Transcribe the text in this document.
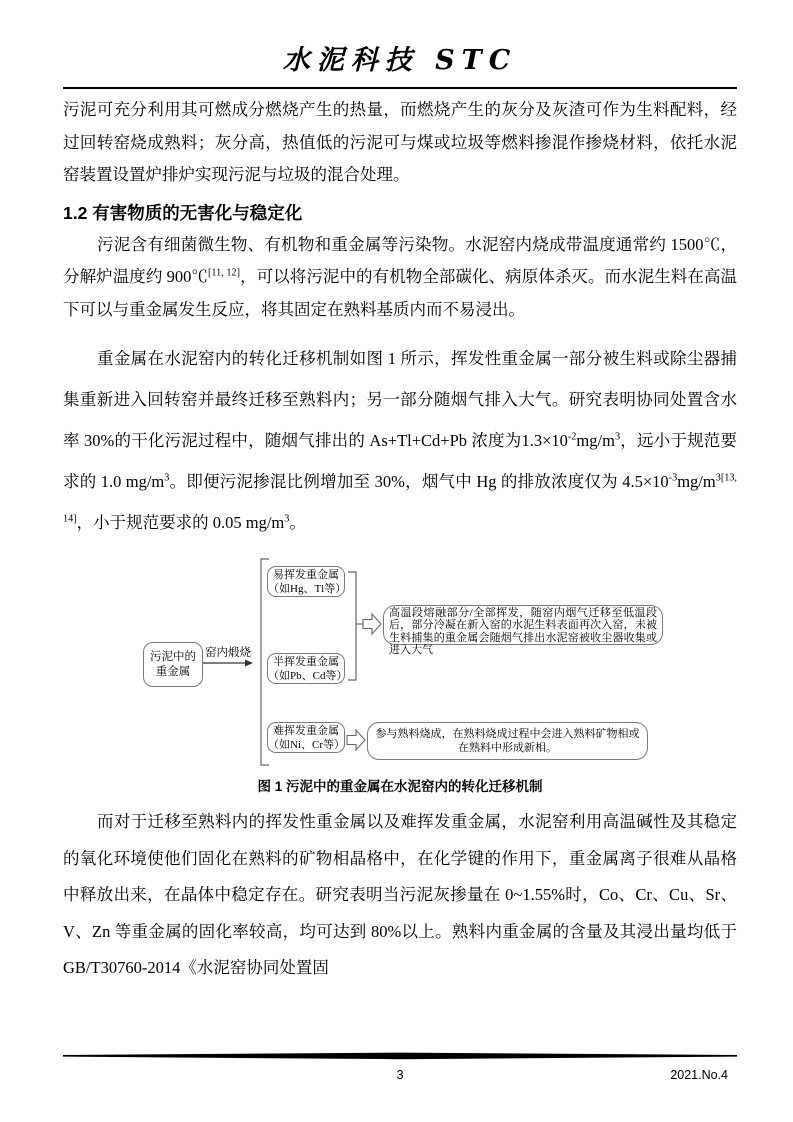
水泥科技 STC

污泥可充分利用其可燃成分燃烧产生的热量，而燃烧产生的灰分及灰渣可作为生料配料，经过回转窑烧成熟料；灰分高，热值低的污泥可与煤或垃圾等燃料掺混作掺烧材料，依托水泥窑装置设置炉排炉实现污泥与垃圾的混合处理。

1.2 有害物质的无害化与稳定化

污泥含有细菌微生物、有机物和重金属等污染物。水泥窑内烧成带温度通常约 1500℃，分解炉温度约 900℃[11, 12]，可以将污泥中的有机物全部碳化、病原体杀灭。而水泥生料在高温下可以与重金属发生反应，将其固定在熟料基质内而不易浸出。

重金属在水泥窑内的转化迁移机制如图 1 所示，挥发性重金属一部分被生料或除尘器捕集重新进入回转窑并最终迁移至熟料内；另一部分随烟气排入大气。研究表明协同处置含水率 30%的干化污泥过程中，随烟气排出的 As+Tl+Cd+Pb 浓度为$1.3\times 10^{-2}mg/m^3$，远小于规范要求的 1.0 $mg/m^3$。即便污泥掺混比例增加至 30%，烟气中 Hg 的排放浓度仅为 $4.5\times 10^{-3}mg/m^{3[13, 14]}$，小于规范要求的 0.05 $mg/m^3$。

污泥中的
重金属
窑内煅烧
易挥发重金属
（如Hg、Tl等）
半挥发重金属
（如Pb、Cd等）
难挥发重金属
（如Ni、Cr等）
高温段熔融部分/全部挥发，随窑内烟气迁移至低温段后，部分冷凝在新入窑的水泥生料表面再次入窑，未被生料捕集的重金属会随烟气排出水泥窑被收尘器收集或进入大气
参与熟料烧成，在熟料烧成过程中会进入熟料矿物相或在熟料中形成新相。
图 1 污泥中的重金属在水泥窑内的转化迁移机制

而对于迁移至熟料内的挥发性重金属以及难挥发重金属，水泥窑利用高温碱性及其稳定的氧化环境使他们固化在熟料的矿物相晶格中，在化学键的作用下，重金属离子很难从晶格中释放出来，在晶体中稳定存在。研究表明当污泥灰掺量在 0~1.55%时，Co、Cr、Cu、Sr、V、Zn 等重金属的固化率较高，均可达到 80%以上。熟料内重金属的含量及其浸出量均低于 GB/T30760-2014《水泥窑协同处置固

3	2021.No.4
